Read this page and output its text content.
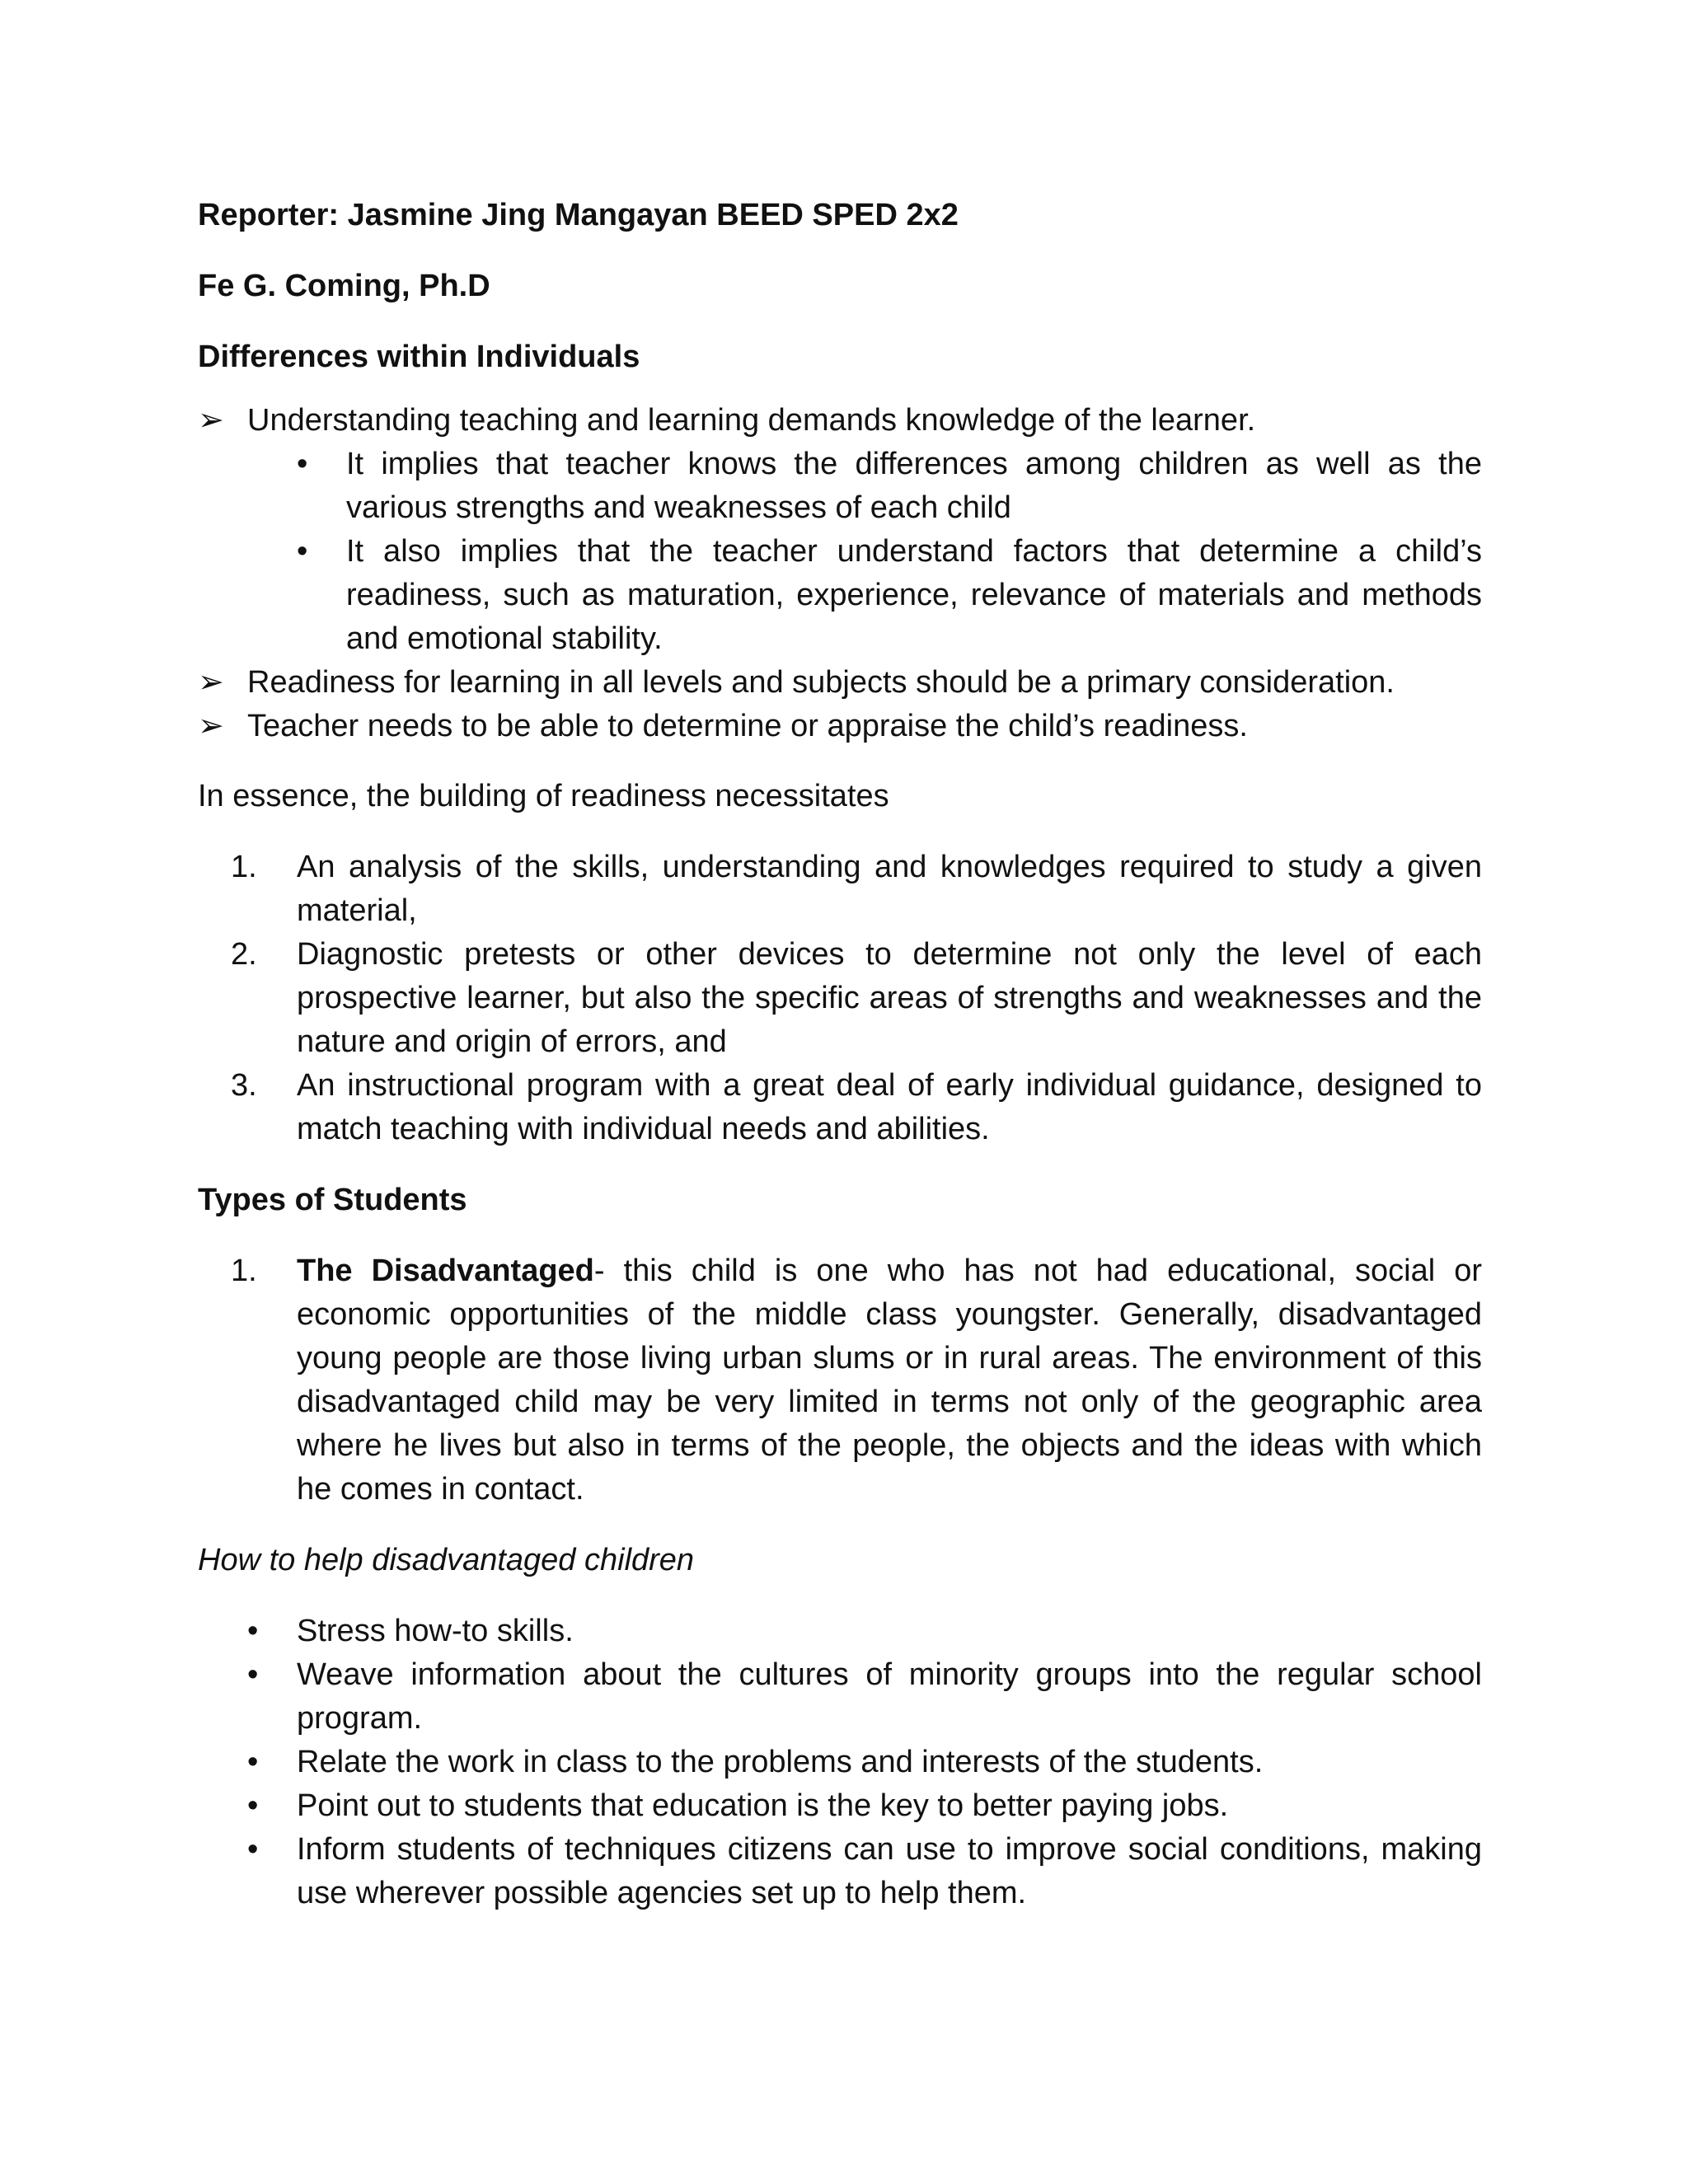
Reporter: Jasmine Jing Mangayan BEED SPED 2x2

Fe G. Coming, Ph.D

Differences within Individuals

➢ Understanding teaching and learning demands knowledge of the learner.
•	It implies that teacher knows the differences among children as well as the various strengths and weaknesses of each child
•	It also implies that the teacher understand factors that determine a child’s readiness, such as maturation, experience, relevance of materials and methods and emotional stability.
➢ Readiness for learning in all levels and subjects should be a primary consideration.
➢ Teacher needs to be able to determine or appraise the child’s readiness.

In essence, the building of readiness necessitates

1.	An analysis of the skills, understanding and knowledges required to study a given material,
2.	Diagnostic pretests or other devices to determine not only the level of each prospective learner, but also the specific areas of strengths and weaknesses and the nature and origin of errors, and
3.	An instructional program with a great deal of early individual guidance, designed to match teaching with individual needs and abilities.

Types of Students

1.	The Disadvantaged- this child is one who has not had educational, social or economic opportunities of the middle class youngster. Generally, disadvantaged young people are those living urban slums or in rural areas. The environment of this disadvantaged child may be very limited in terms not only of the geographic area where he lives but also in terms of the people, the objects and the ideas with which he comes in contact.

How to help disadvantaged children

•	Stress how-to skills.
•	Weave information about the cultures of minority groups into the regular school program.
•	Relate the work in class to the problems and interests of the students.
•	Point out to students that education is the key to better paying jobs.
•	Inform students of techniques citizens can use to improve social conditions, making use wherever possible agencies set up to help them.
